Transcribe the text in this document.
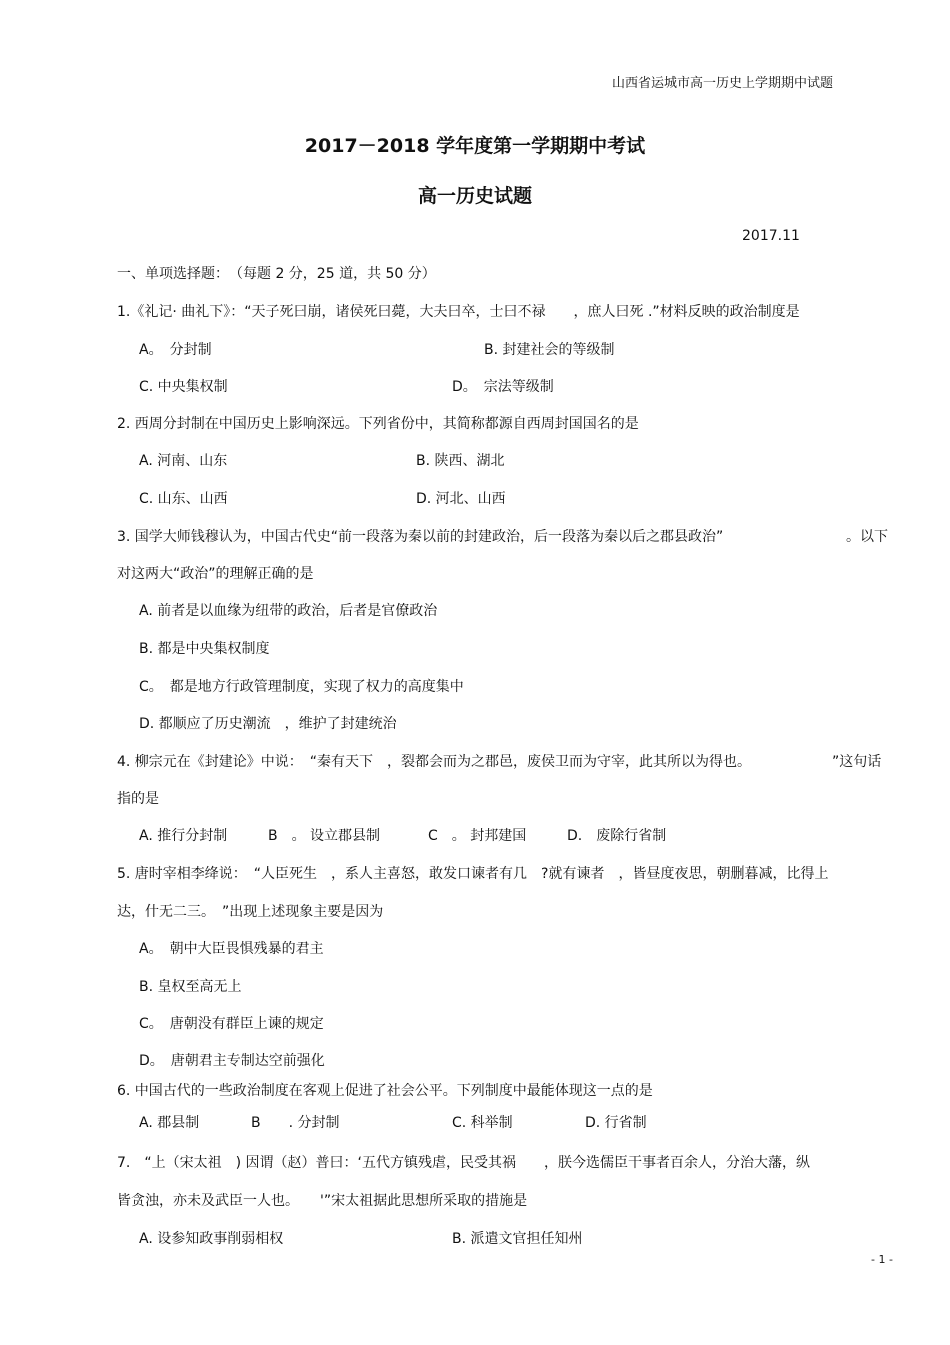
山西省运城市高一历史上学期期中试题
2017－2018 学年度第一学期期中考试
高一历史试题
2017.11
一、单项选择题：　（每题 2 分，25 道，共 50 分）
1.《礼记· 曲礼下》：“天子死曰崩，诸侯死曰薨，大夫曰卒，士曰不禄　　，庶人曰死 .”材料反映的政治制度是
A。　分封制	B. 封建社会的等级制
C. 中央集权制	D。　宗法等级制
2. 西周分封制在中国历史上影响深远。下列省份中，其简称都源自西周封国国名的是
A. 河南、山东	B. 陕西、湖北
C. 山东、山西	D. 河北、山西
3. 国学大师钱穆认为，中国古代史“前一段落为秦以前的封建政治，后一段落为秦以后之郡县政治”	。以下
对这两大“政治”的理解正确的是
A. 前者是以血缘为纽带的政治，后者是官僚政治
B. 都是中央集权制度
C。　都是地方行政管理制度，实现了权力的高度集中
D. 都顺应了历史潮流　，维护了封建统治
4. 柳宗元在《封建论》中说：　“秦有天下　，裂都会而为之郡邑，废侯卫而为守宰，此其所以为得也。	”这句话
指的是
A. 推行分封制	B　。 设立郡县制	C　。 封邦建国	D.　废除行省制
5. 唐时宰相李绛说：　“人臣死生　，系人主喜怒，敢发口谏者有几　?就有谏者　，皆昼度夜思，朝删暮减，比得上
达，什无二三。　”出现上述现象主要是因为
A。　朝中大臣畏惧残暴的君主
B. 皇权至高无上
C。　唐朝没有群臣上谏的规定
D。　唐朝君主专制达空前强化
6. 中国古代的一些政治制度在客观上促进了社会公平。下列制度中最能体现这一点的是
A. 郡县制	B　　. 分封制	C. 科举制	D. 行省制
7.　“上（宋太祖　) 因谓（赵）普曰：‘五代方镇残虐，民受其祸　　，朕今选儒臣干事者百余人，分治大藩，纵
皆贪浊，亦未及武臣一人也。　　'”宋太祖据此思想所采取的措施是
A. 设参知政事削弱相权	B. 派遣文官担任知州
- 1 -
